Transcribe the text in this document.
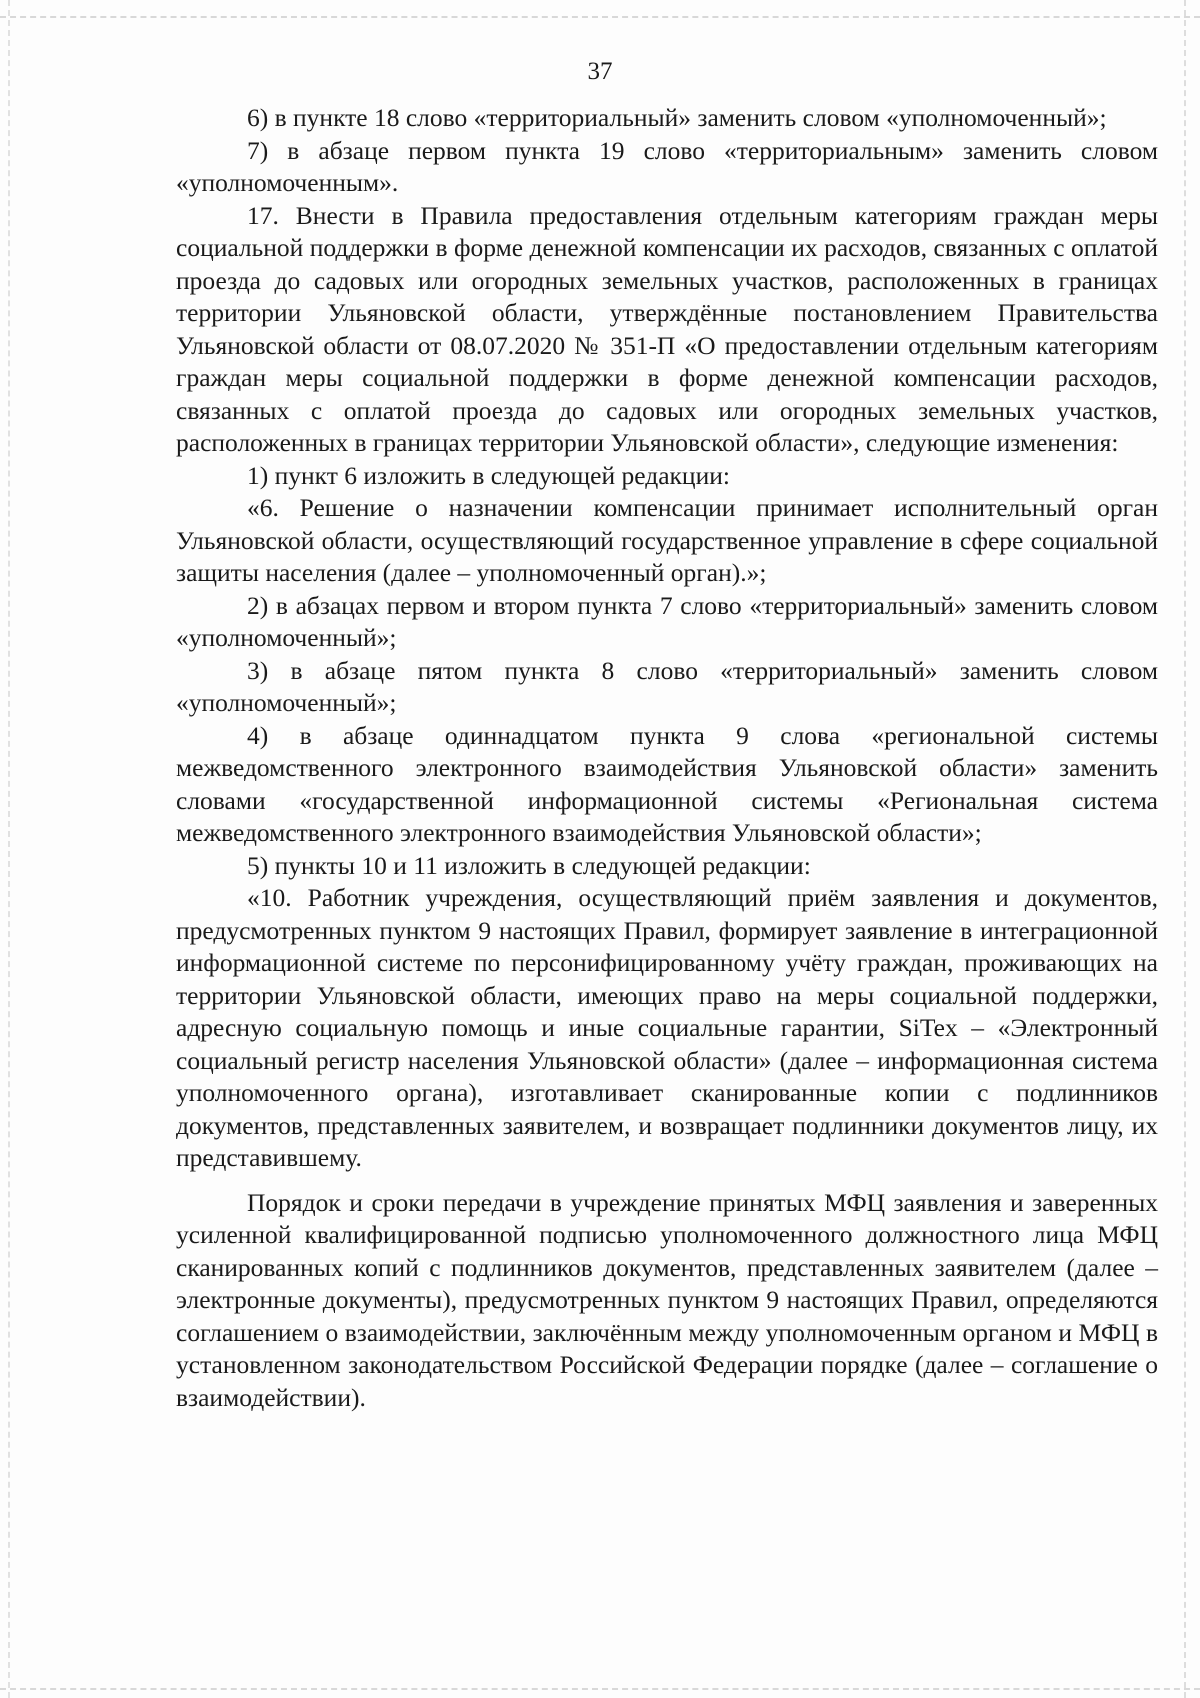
37

6) в пункте 18 слово «территориальный» заменить словом «уполномоченный»;

7) в абзаце первом пункта 19 слово «территориальным» заменить словом «уполномоченным».

17. Внести в Правила предоставления отдельным категориям граждан меры социальной поддержки в форме денежной компенсации их расходов, связанных с оплатой проезда до садовых или огородных земельных участков, расположенных в границах территории Ульяновской области, утверждённые постановлением Правительства Ульяновской области от 08.07.2020 № 351-П «О предоставлении отдельным категориям граждан меры социальной поддержки в форме денежной компенсации расходов, связанных с оплатой проезда до садовых или огородных земельных участков, расположенных в границах территории Ульяновской области», следующие изменения:

1) пункт 6 изложить в следующей редакции:

«6. Решение о назначении компенсации принимает исполнительный орган Ульяновской области, осуществляющий государственное управление в сфере социальной защиты населения (далее – уполномоченный орган).»;

2) в абзацах первом и втором пункта 7 слово «территориальный» заменить словом «уполномоченный»;

3) в абзаце пятом пункта 8 слово «территориальный» заменить словом «уполномоченный»;

4) в абзаце одиннадцатом пункта 9 слова «региональной системы межведомственного электронного взаимодействия Ульяновской области» заменить словами «государственной информационной системы «Региональная система межведомственного электронного взаимодействия Ульяновской области»;

5) пункты 10 и 11 изложить в следующей редакции:

«10. Работник учреждения, осуществляющий приём заявления и документов, предусмотренных пунктом 9 настоящих Правил, формирует заявление в интеграционной информационной системе по персонифицированному учёту граждан, проживающих на территории Ульяновской области, имеющих право на меры социальной поддержки, адресную социальную помощь и иные социальные гарантии, SiTex – «Электронный социальный регистр населения Ульяновской области» (далее – информационная система уполномоченного органа), изготавливает сканированные копии с подлинников документов, представленных заявителем, и возвращает подлинники документов лицу, их представившему.

Порядок и сроки передачи в учреждение принятых МФЦ заявления и заверенных усиленной квалифицированной подписью уполномоченного должностного лица МФЦ сканированных копий с подлинников документов, представленных заявителем (далее – электронные документы), предусмотренных пунктом 9 настоящих Правил, определяются соглашением о взаимодействии, заключённым между уполномоченным органом и МФЦ в установленном законодательством Российской Федерации порядке (далее – соглашение о взаимодействии).
